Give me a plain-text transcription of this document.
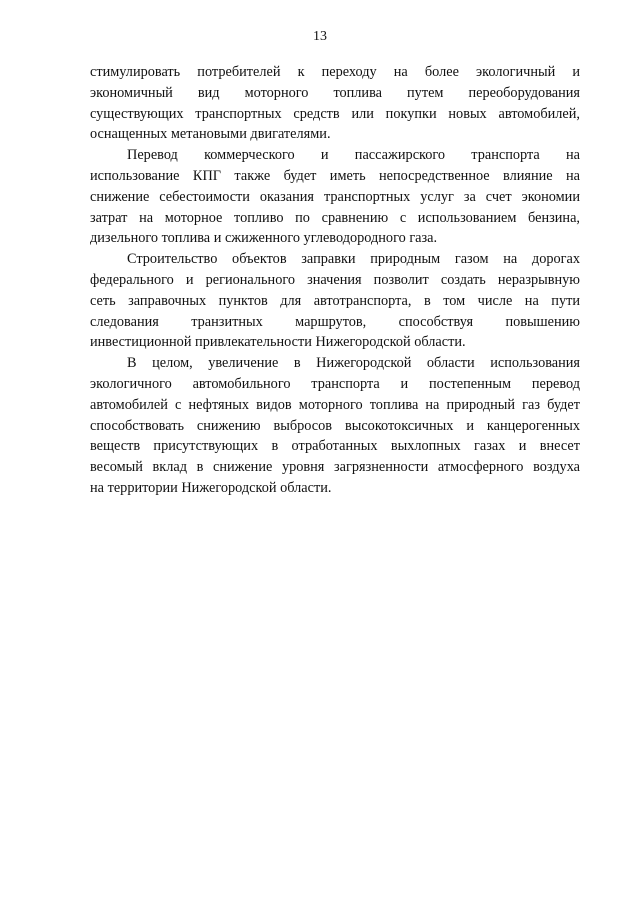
13
стимулировать потребителей к переходу на более экологичный и
экономичный вид моторного топлива путем переоборудования
существующих транспортных средств или покупки новых автомобилей,
оснащенных метановыми двигателями.
Перевод коммерческого и пассажирского транспорта на
использование КПГ также будет иметь непосредственное влияние на
снижение себестоимости оказания транспортных услуг за счет экономии
затрат на моторное топливо по сравнению с использованием бензина,
дизельного топлива и сжиженного углеводородного газа.
Строительство объектов заправки природным газом на дорогах
федерального и регионального значения позволит создать неразрывную
сеть заправочных пунктов для автотранспорта, в том числе на пути
следования транзитных маршрутов, способствуя повышению
инвестиционной привлекательности Нижегородской области.
В целом, увеличение в Нижегородской области использования
экологичного автомобильного транспорта и постепенным перевод
автомобилей с нефтяных видов моторного топлива на природный газ будет
способствовать снижению выбросов высокотоксичных и канцерогенных
веществ присутствующих в отработанных выхлопных газах и внесет
весомый вклад в снижение уровня загрязненности атмосферного воздуха
на территории Нижегородской области.
